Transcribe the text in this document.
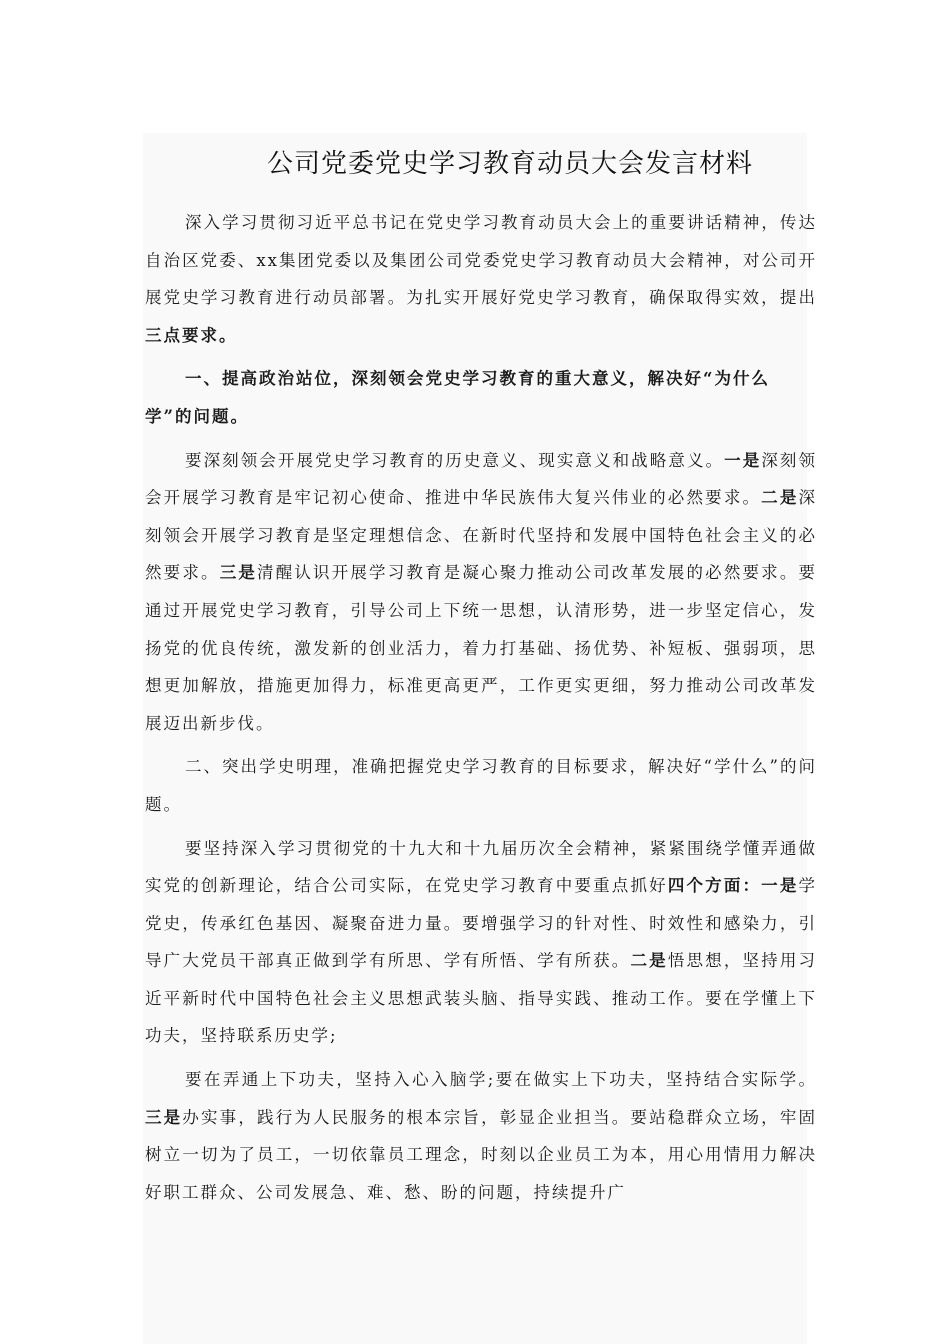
公司党委党史学习教育动员大会发言材料

深入学习贯彻习近平总书记在党史学习教育动员大会上的重要讲话精神，传达自治区党委、xx集团党委以及集团公司党委党史学习教育动员大会精神，对公司开展党史学习教育进行动员部署。为扎实开展好党史学习教育，确保取得实效，提出三点要求。

一、提高政治站位，深刻领会党史学习教育的重大意义，解决好“为什么学”的问题。

要深刻领会开展党史学习教育的历史意义、现实意义和战略意义。一是深刻领会开展学习教育是牢记初心使命、推进中华民族伟大复兴伟业的必然要求。二是深刻领会开展学习教育是坚定理想信念、在新时代坚持和发展中国特色社会主义的必然要求。三是清醒认识开展学习教育是凝心聚力推动公司改革发展的必然要求。要通过开展党史学习教育，引导公司上下统一思想，认清形势，进一步坚定信心，发扬党的优良传统，激发新的创业活力，着力打基础、扬优势、补短板、强弱项，思想更加解放，措施更加得力，标准更高更严，工作更实更细，努力推动公司改革发展迈出新步伐。

二、突出学史明理，准确把握党史学习教育的目标要求，解决好“学什么”的问题。

要坚持深入学习贯彻党的十九大和十九届历次全会精神，紧紧围绕学懂弄通做实党的创新理论，结合公司实际，在党史学习教育中要重点抓好四个方面：一是学党史，传承红色基因、凝聚奋进力量。要增强学习的针对性、时效性和感染力，引导广大党员干部真正做到学有所思、学有所悟、学有所获。二是悟思想，坚持用习近平新时代中国特色社会主义思想武装头脑、指导实践、推动工作。要在学懂上下功夫，坚持联系历史学;

要在弄通上下功夫，坚持入心入脑学;要在做实上下功夫，坚持结合实际学。三是办实事，践行为人民服务的根本宗旨，彰显企业担当。要站稳群众立场，牢固树立一切为了员工，一切依靠员工理念，时刻以企业员工为本，用心用情用力解决好职工群众、公司发展急、难、愁、盼的问题，持续提升广
